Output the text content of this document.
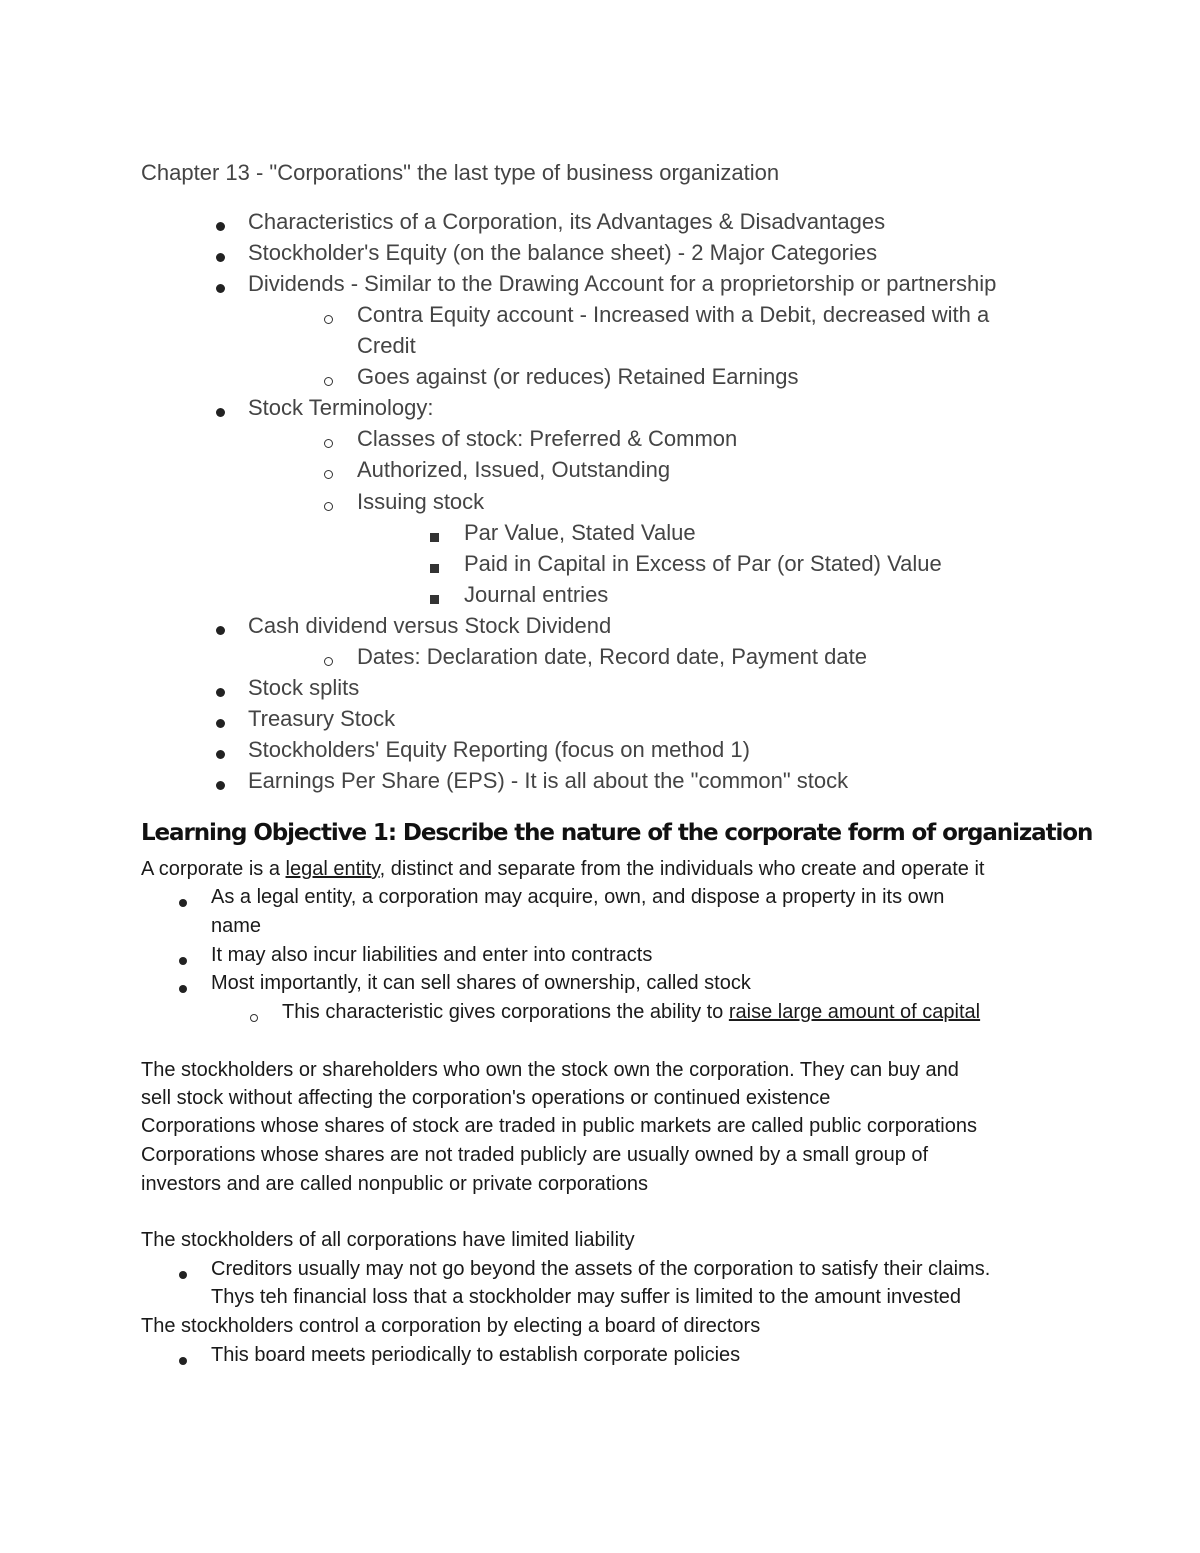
Chapter 13 - "Corporations" the last type of business organization
Characteristics of a Corporation, its Advantages & Disadvantages
Stockholder's Equity (on the balance sheet) - 2 Major Categories
Dividends - Similar to the Drawing Account for a proprietorship or partnership
Contra Equity account - Increased with a Debit, decreased with a
Credit
Goes against (or reduces) Retained Earnings
Stock Terminology:
Classes of stock: Preferred & Common
Authorized, Issued, Outstanding
Issuing stock
Par Value, Stated Value
Paid in Capital in Excess of Par (or Stated) Value
Journal entries
Cash dividend versus Stock Dividend
Dates: Declaration date, Record date, Payment date
Stock splits
Treasury Stock
Stockholders' Equity Reporting (focus on method 1)
Earnings Per Share (EPS) - It is all about the "common" stock
Learning Objective 1: Describe the nature of the corporate form of organization
A corporate is a legal entity, distinct and separate from the individuals who create and operate it
As a legal entity, a corporation may acquire, own, and dispose a property in its own
name
It may also incur liabilities and enter into contracts
Most importantly, it can sell shares of ownership, called stock
This characteristic gives corporations the ability to raise large amount of capital
The stockholders or shareholders who own the stock own the corporation. They can buy and
sell stock without affecting the corporation's operations or continued existence
Corporations whose shares of stock are traded in public markets are called public corporations
Corporations whose shares are not traded publicly are usually owned by a small group of
investors and are called nonpublic or private corporations
The stockholders of all corporations have limited liability
Creditors usually may not go beyond the assets of the corporation to satisfy their claims.
Thys teh financial loss that a stockholder may suffer is limited to the amount invested
The stockholders control a corporation by electing a board of directors
This board meets periodically to establish corporate policies
